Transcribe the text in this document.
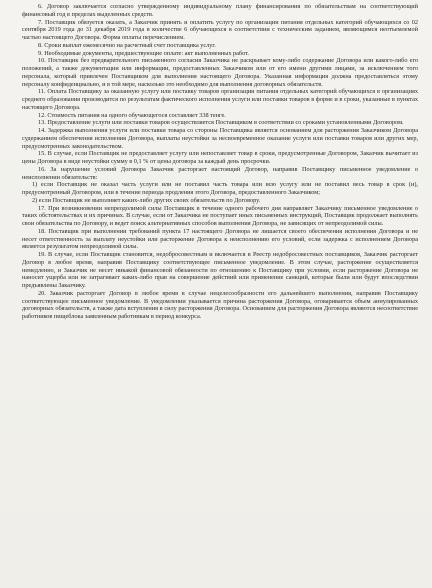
6. Договор заключается согласно утвержденному индивидуальному плану финансирования по обязательствам на соответствующий финансовый год в пределах выделенных средств.

7. Поставщик обязуется оказать, а Заказчик принять и оплатить услугу по организации питания отдельных категорий обучающихся со 02 сентября 2019 года до 31 декабря 2019 года в количестве 6 обучающихся в соответствии с техническим заданием, являющимся неотъемлемой частью настоящего Договора. Форма оплаты перечислением.

8. Сроки выплат ежемесячно на расчетный счет поставщика услуг.

9. Необходимые документы, предшествующие оплате: акт выполненных работ.

10. Поставщик без предварительного письменного согласия Заказчика не раскрывает кому-либо содержание Договора или какого-либо его положений, а также документации или информации, предоставленных Заказчиком или от его имени другими лицами, за исключением того персонала, который привлечен Поставщиком для выполнения настоящего Договора. Указанная информация должна предоставляться этому персоналу конфиденциально, и в той мере, насколько это необходимо для выполнения договорных обязательств.

11. Оплата Поставщику за оказанную услугу или поставку товаров организации питания отдельных категорий обучающихся в организациях среднего образования производится по результатам фактического исполнения услуги или поставки товаров в форме и в сроки, указанные в пунктах настоящего Договора.

12. Стоимость питания на одного обучающегося составляет 338 тенге.

13. Предоставление услуги или поставки товаров осуществляется Поставщиком в соответствии со сроками установленными Договором.

14. Задержка выполнения услуги или поставки товара со стороны Поставщика является основанием для расторжения Заказчиком Договора судержанием обеспечения исполнения Договора, выплаты неустойки за несвоевременное оказание услуги или поставки товаров или других мер, предусмотренных законодательством.

15. В случае, если Поставщик не предоставляет услугу или непоставляет товар в сроки, предусмотренные Договором, Заказчик вычитает из цены Договора в виде неустойки сумму в 0,1 % от цены договора за каждый день просрочки.

16. За нарушение условий Договора Заказчик расторгает настоящий Договор, направив Поставщику письменное уведомление о неисполнении обязательств:

1) если Поставщик не оказал часть услуги или не поставил часть товара или всю услугу или не поставил весь товар в срок (и), предусмотренный Договором, или в течение периода продления этого Договора, предоставленного Заказчиком;

2) если Поставщик не выполняет каких-либо других своих обязательств по Договору.

17. При возникновении непреодолимой силы Поставщик в течение одного рабочего дня направляет Заказчику письменное уведомление о таких обстоятельствах и их причинах. В случае, если от Заказчика не поступает иных письменных инструкций, Поставщик продолжает выполнять свои обязательства по Договору, и ведет поиск альтернативных способов выполнения Договора, не зависящих от непреодолимой силы.

18. Поставщик при выполнении требований пункта 17 настоящего Договора не лишается своего обеспечения исполнения Договора и не несет ответственность за выплату неустойки или расторжение Договора к неисполнению его условий, если задержка с исполнением Договора является результатом непреодолимой силы.

19. В случае, если Поставщик становится, недобросовестным и включается в Реестр недобросовестных поставщиков, Заказчик расторгает Договор в любое время, направив Поставщику соответствующее письменное уведомление. В этом случае, расторжение осуществляется немедленно, и Заказчик не несет никакой финансовой обязанности по отношению к Поставщику при условии, если расторжение Договора не наносит ущерба или не затрагивает каких-либо прав на совершение действий или применение санкций, которые были или будут впоследствии предъявлены Заказчику.

20. Заказчик расторгает Договор в любое время в случае нецелесообразности его дальнейшего выполнения, направив Поставщику соответствующее письменное уведомление. В уведомлении указывается причина расторжения Договора, оговаривается объем аннулированных договорных обязательств, а также дата вступления в силу расторжения Договора. Основанием для расторжения Договора являются несоответствие работников пищеблока заявленным работникам в период конкурса.
